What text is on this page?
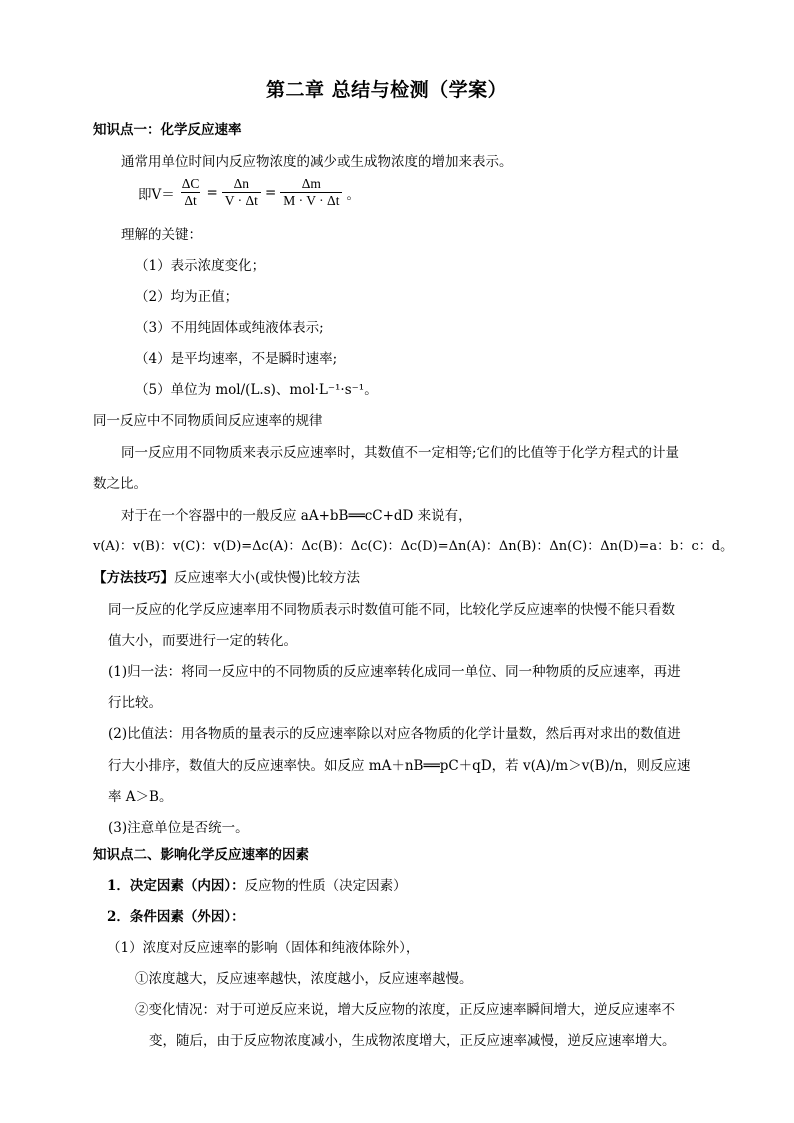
第二章 总结与检测（学案）
知识点一：化学反应速率
通常用单位时间内反应物浓度的减少或生成物浓度的增加来表示。
即$V= \frac{\Delta C}{\Delta t} = \frac{\Delta n}{V \cdot \Delta t} = \frac{\Delta m}{M \cdot V \cdot \Delta t}$ 。
理解的关键：
（1）表示浓度变化；
（2）均为正值；
（3）不用纯固体或纯液体表示;
（4）是平均速率，不是瞬时速率;
（5）单位为 mol/(L.s)、mol·L⁻¹·s⁻¹。
同一反应中不同物质间反应速率的规律
同一反应用不同物质来表示反应速率时，其数值不一定相等;它们的比值等于化学方程式的计量
数之比。
对于在一个容器中的一般反应 aA+bB══cC+dD 来说有，
v(A)：v(B)：v(C)：v(D)=Δc(A)：Δc(B)：Δc(C)：Δc(D)=Δn(A)：Δn(B)：Δn(C)：Δn(D)=a：b：c：d。
【方法技巧】反应速率大小(或快慢)比较方法
同一反应的化学反应速率用不同物质表示时数值可能不同，比较化学反应速率的快慢不能只看数
值大小，而要进行一定的转化。
(1)归一法：将同一反应中的不同物质的反应速率转化成同一单位、同一种物质的反应速率，再进
行比较。
(2)比值法：用各物质的量表示的反应速率除以对应各物质的化学计量数，然后再对求出的数值进
行大小排序，数值大的反应速率快。如反应 mA＋nB══pC＋qD，若 v(A)/m＞v(B)/n，则反应速
率 A＞B。
(3)注意单位是否统一。
知识点二、影响化学反应速率的因素
1．决定因素（内因）：反应物的性质（决定因素）
2．条件因素（外因）：
（1）浓度对反应速率的影响（固体和纯液体除外），
①浓度越大，反应速率越快，浓度越小，反应速率越慢。
②变化情况：对于可逆反应来说，增大反应物的浓度，正反应速率瞬间增大，逆反应速率不
变，随后，由于反应物浓度减小，生成物浓度增大，正反应速率减慢，逆反应速率增大。
